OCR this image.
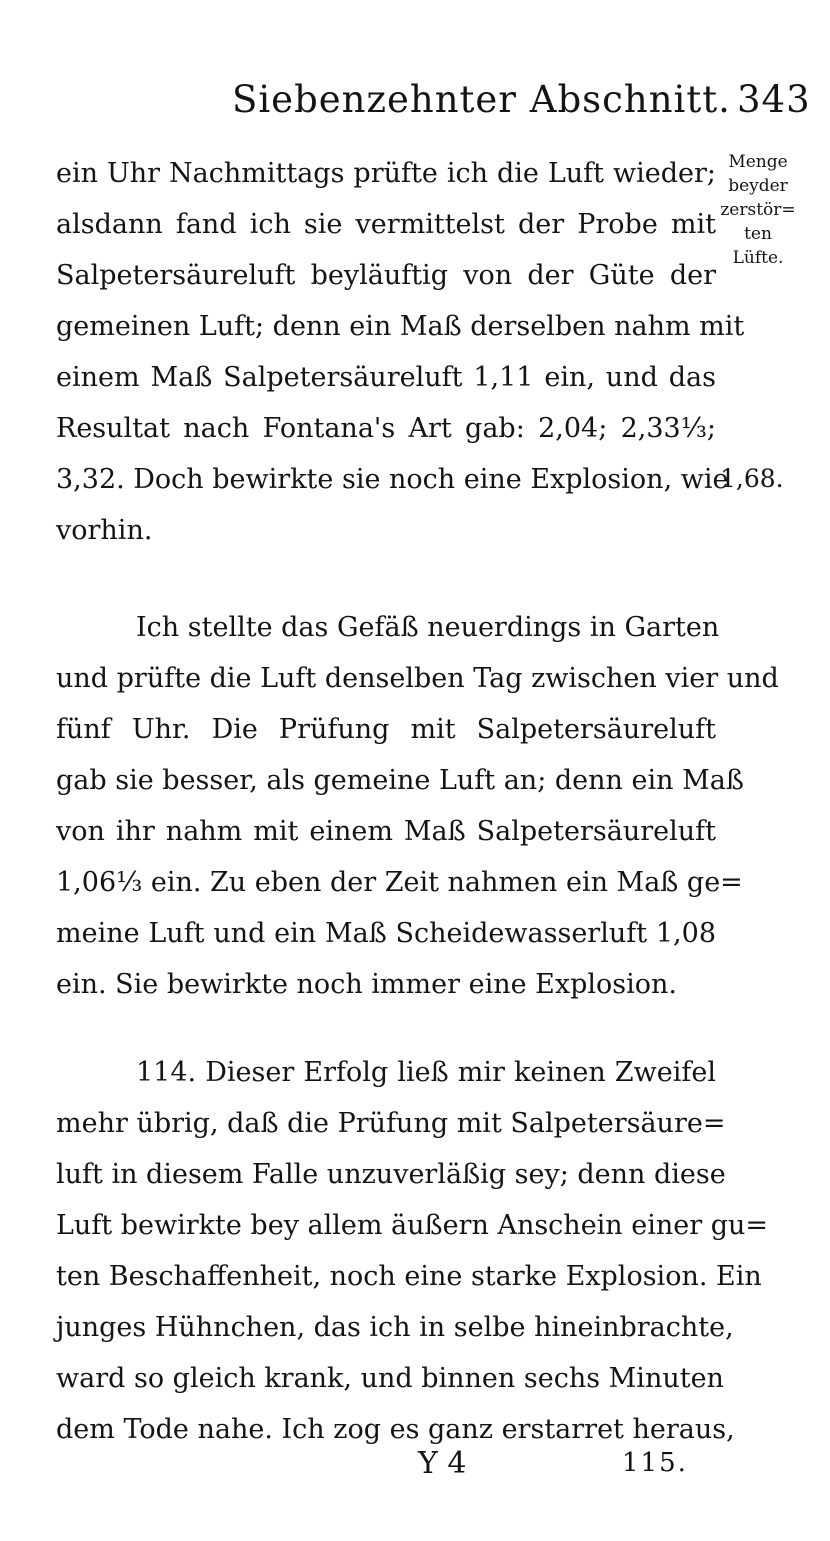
Siebenzehnter Abschnitt. 343
ein Uhr Nachmittags prüfte ich die Luft wieder;
alsdann fand ich sie vermittelst der Probe mit
Salpetersäureluft beyläuftig von der Güte der
gemeinen Luft; denn ein Maß derselben nahm mit
einem Maß Salpetersäureluft 1,11 ein, und das
Resultat nach Fontana's Art gab: 2,04; 2,33⅓;
3,32. Doch bewirkte sie noch eine Explosion, wie
vorhin.
Menge
beyder
zerstör=
ten
Lüfte.
1,68.
Ich stellte das Gefäß neuerdings in Garten
und prüfte die Luft denselben Tag zwischen vier und
fünf Uhr. Die Prüfung mit Salpetersäureluft
gab sie besser, als gemeine Luft an; denn ein Maß
von ihr nahm mit einem Maß Salpetersäureluft
1,06⅓ ein. Zu eben der Zeit nahmen ein Maß ge=
meine Luft und ein Maß Scheidewasserluft 1,08
ein. Sie bewirkte noch immer eine Explosion.
114. Dieser Erfolg ließ mir keinen Zweifel
mehr übrig, daß die Prüfung mit Salpetersäure=
luft in diesem Falle unzuverläßig sey; denn diese
Luft bewirkte bey allem äußern Anschein einer gu=
ten Beschaffenheit, noch eine starke Explosion. Ein
junges Hühnchen, das ich in selbe hineinbrachte,
ward so gleich krank, und binnen sechs Minuten
dem Tode nahe. Ich zog es ganz erstarret heraus,
Y 4	115.
